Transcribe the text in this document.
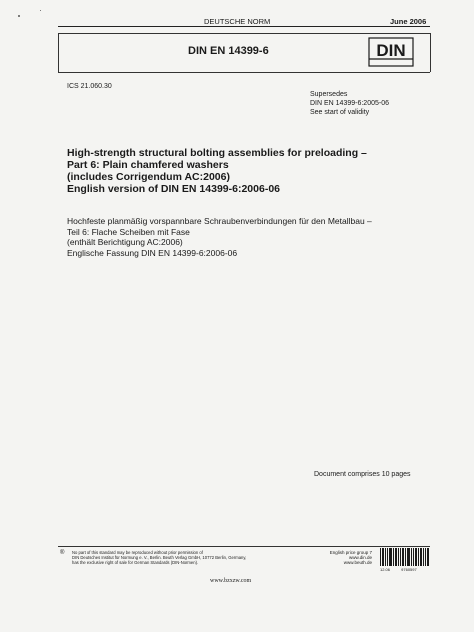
DEUTSCHE NORM	June 2006
DIN EN 14399-6	DIN
ICS 21.060.30
Supersedes
DIN EN 14399-6:2005-06
See start of validity
High-strength structural bolting assemblies for preloading –
Part 6: Plain chamfered washers
(includes Corrigendum AC:2006)
English version of DIN EN 14399-6:2006-06
Hochfeste planmäßig vorspannbare Schraubenverbindungen für den Metallbau –
Teil 6: Flache Scheiben mit Fase
(enthält Berichtigung AC:2006)
Englische Fassung DIN EN 14399-6:2006-06
Document comprises 10 pages
® No part of this standard may be reproduced without prior permission of
DIN Deutsches Institut für Normung e. V., Berlin. Beuth Verlag GmbH, 10772 Berlin, Germany,
has the exclusive right of sale for German Standards (DIN-Normen).
English price group 7
www.din.de
www.beuth.de
12.06	9760597
www.bzxzw.com
